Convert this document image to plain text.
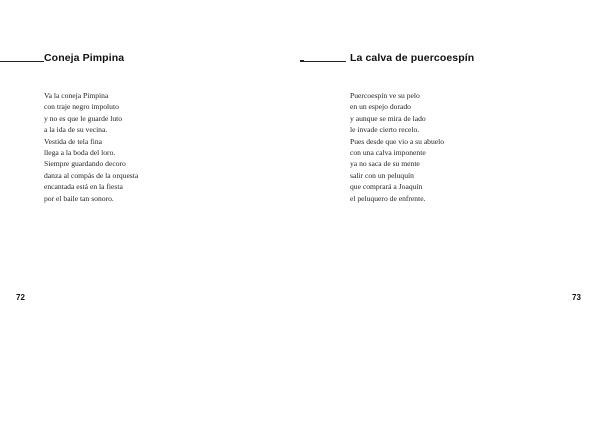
Coneja Pimpina
Va la coneja Pimpina
con traje negro impoluto
y no es que le guarde luto
a la ida de su vecina.
Vestida de tela fina
llega a la boda del loro.
Siempre guardando decoro
danza al compás de la orquesta
encantada está en la fiesta
por el baile tan sonoro.
72
La calva de puercoespín
Puercoespín ve su pelo
en un espejo dorado
y aunque se mira de lado
le invade cierto recelo.
Pues desde que vio a su abuelo
con una calva imponente
ya no saca de su mente
salir con un peluquín
que comprará a Joaquín
el peluquero de enfrente.
73
